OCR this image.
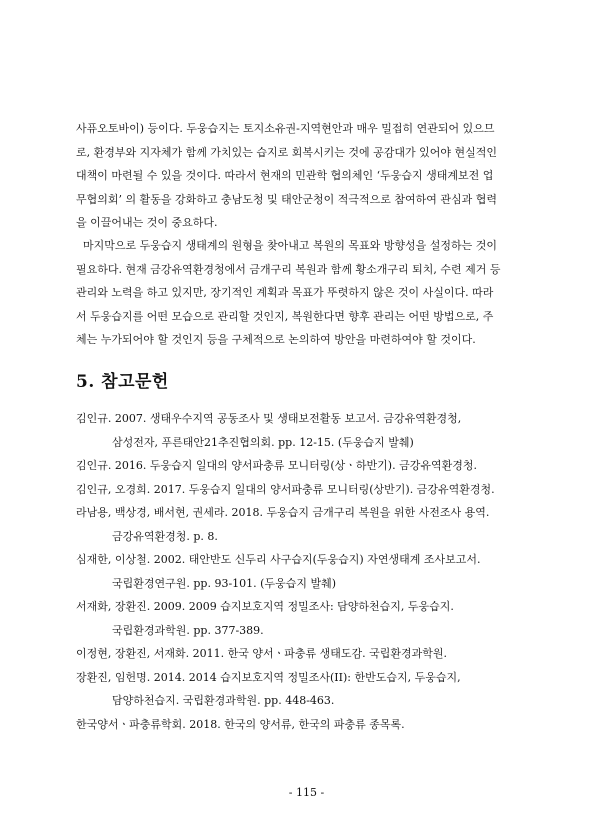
사퓨오토바이) 등이다. 두웅습지는 토지소유권-지역현안과 매우 밀접히 연관되어 있으므
로, 환경부와 지자체가 함께 가치있는 습지로 회복시키는 것에 공감대가 있어야 현실적인
대책이 마련될 수 있을 것이다. 따라서 현재의 민관학 협의체인 ‘두웅습지 생태계보전 업
무협의회’ 의 활동을 강화하고 충남도청 및 태안군청이 적극적으로 참여하여 관심과 협력
을 이끌어내는 것이 중요하다.
마지막으로 두웅습지 생태계의 원형을 찾아내고 복원의 목표와 방향성을 설정하는 것이
필요하다. 현재 금강유역환경청에서 금개구리 복원과 함께 황소개구리 퇴치, 수련 제거 등
관리와 노력을 하고 있지만, 장기적인 계획과 목표가 뚜렷하지 않은 것이 사실이다. 따라
서 두웅습지를 어떤 모습으로 관리할 것인지, 복원한다면 향후 관리는 어떤 방법으로, 주
체는 누가되어야 할 것인지 등을 구체적으로 논의하여 방안을 마련하여야 할 것이다.
5. 참고문헌
김인규. 2007. 생태우수지역 공동조사 및 생태보전활동 보고서. 금강유역환경청,
삼성전자, 푸른태안21추진협의회. pp. 12-15. (두웅습지 발췌)
김인규. 2016. 두웅습지 일대의 양서파충류 모니터링(상ㆍ하반기). 금강유역환경청.
김인규, 오경희. 2017. 두웅습지 일대의 양서파충류 모니터링(상반기). 금강유역환경청.
라남용, 백상경, 배서현, 권세라. 2018. 두웅습지 금개구리 복원을 위한 사전조사 용역.
금강유역환경청. p. 8.
심재한, 이상철. 2002. 태안반도 신두리 사구습지(두웅습지) 자연생태계 조사보고서.
국립환경연구원. pp. 93-101. (두웅습지 발췌)
서재화, 장환진. 2009. 2009 습지보호지역 정밀조사: 담양하천습지, 두웅습지.
국립환경과학원. pp. 377-389.
이정현, 장환진, 서재화. 2011. 한국 양서ㆍ파충류 생태도감. 국립환경과학원.
장환진, 임헌명. 2014. 2014 습지보호지역 정밀조사(II): 한반도습지, 두웅습지,
담양하천습지. 국립환경과학원. pp. 448-463.
한국양서ㆍ파충류학회. 2018. 한국의 양서류, 한국의 파충류 종목록.
- 115 -
